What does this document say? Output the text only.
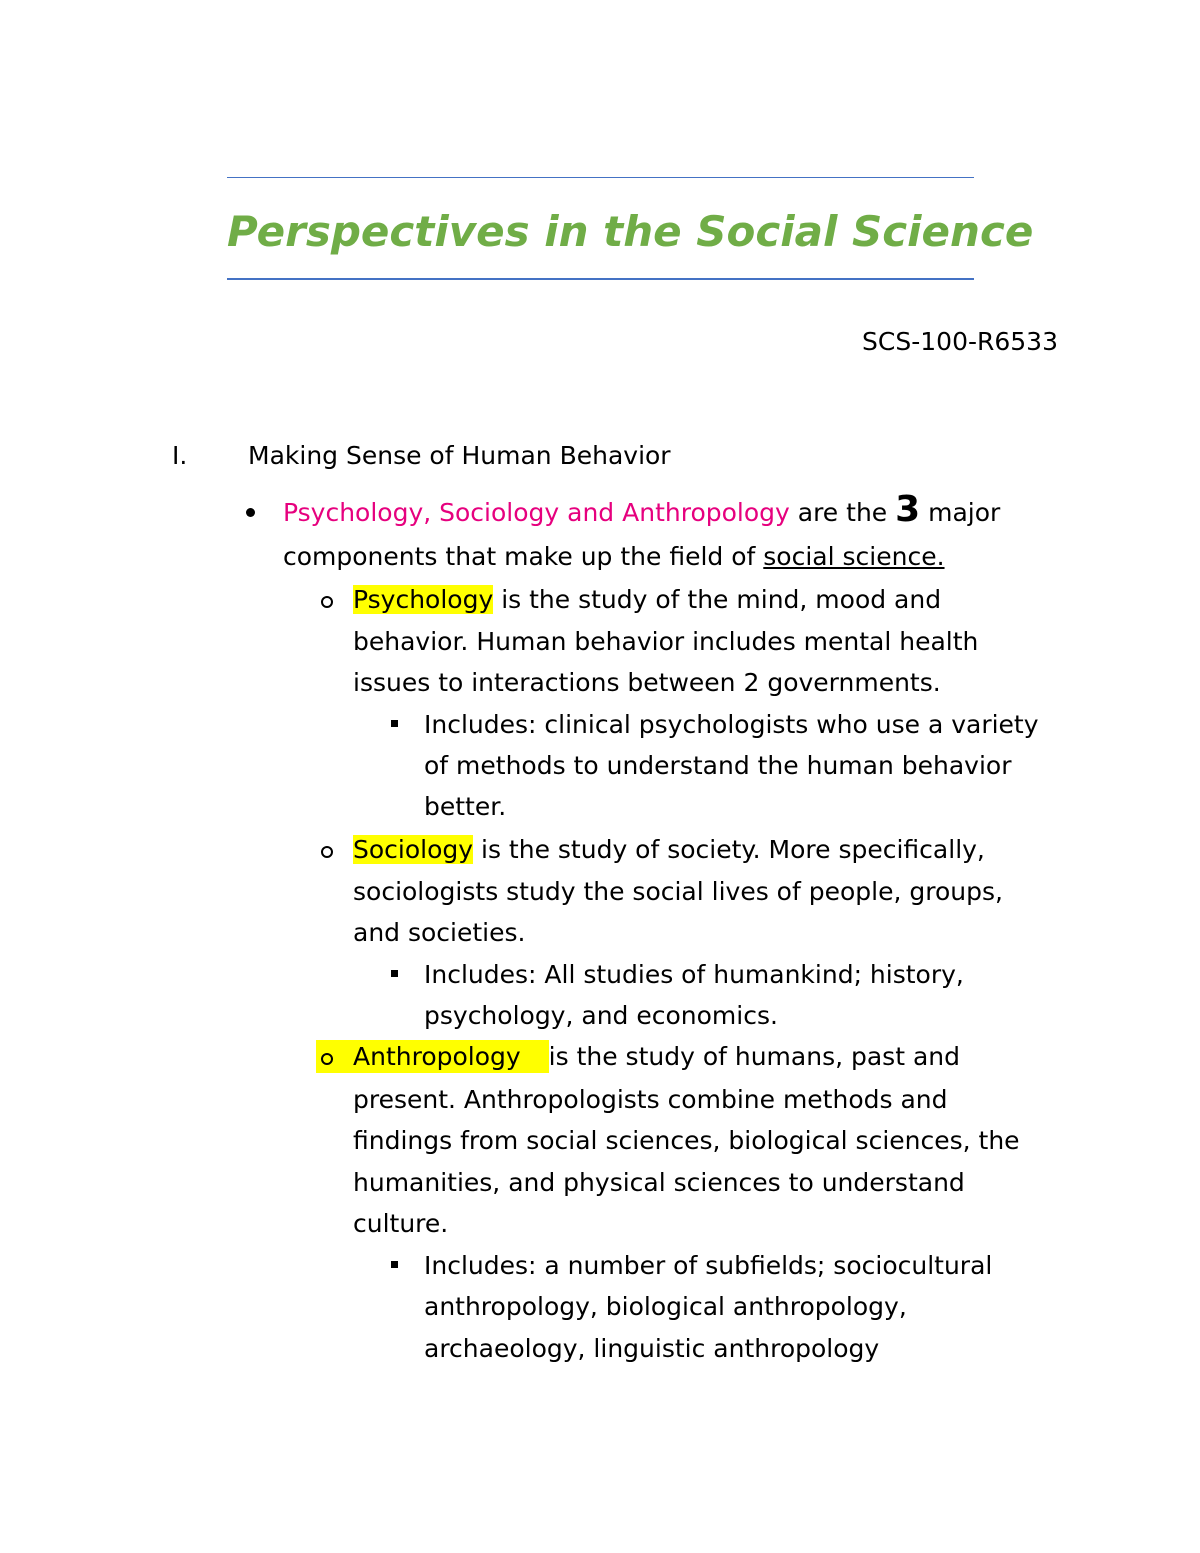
Perspectives in the Social Science
SCS-100-R6533
I. Making Sense of Human Behavior
Psychology, Sociology and Anthropology are the 3 major
components that make up the field of social science.
Psychology is the study of the mind, mood and
behavior. Human behavior includes mental health
issues to interactions between 2 governments.
Includes: clinical psychologists who use a variety
of methods to understand the human behavior
better.
Sociology is the study of society. More specifically,
sociologists study the social lives of people, groups,
and societies.
Includes: All studies of humankind; history,
psychology, and economics.
Anthropology is the study of humans, past and
present. Anthropologists combine methods and
findings from social sciences, biological sciences, the
humanities, and physical sciences to understand
culture.
Includes: a number of subfields; sociocultural
anthropology, biological anthropology,
archaeology, linguistic anthropology
